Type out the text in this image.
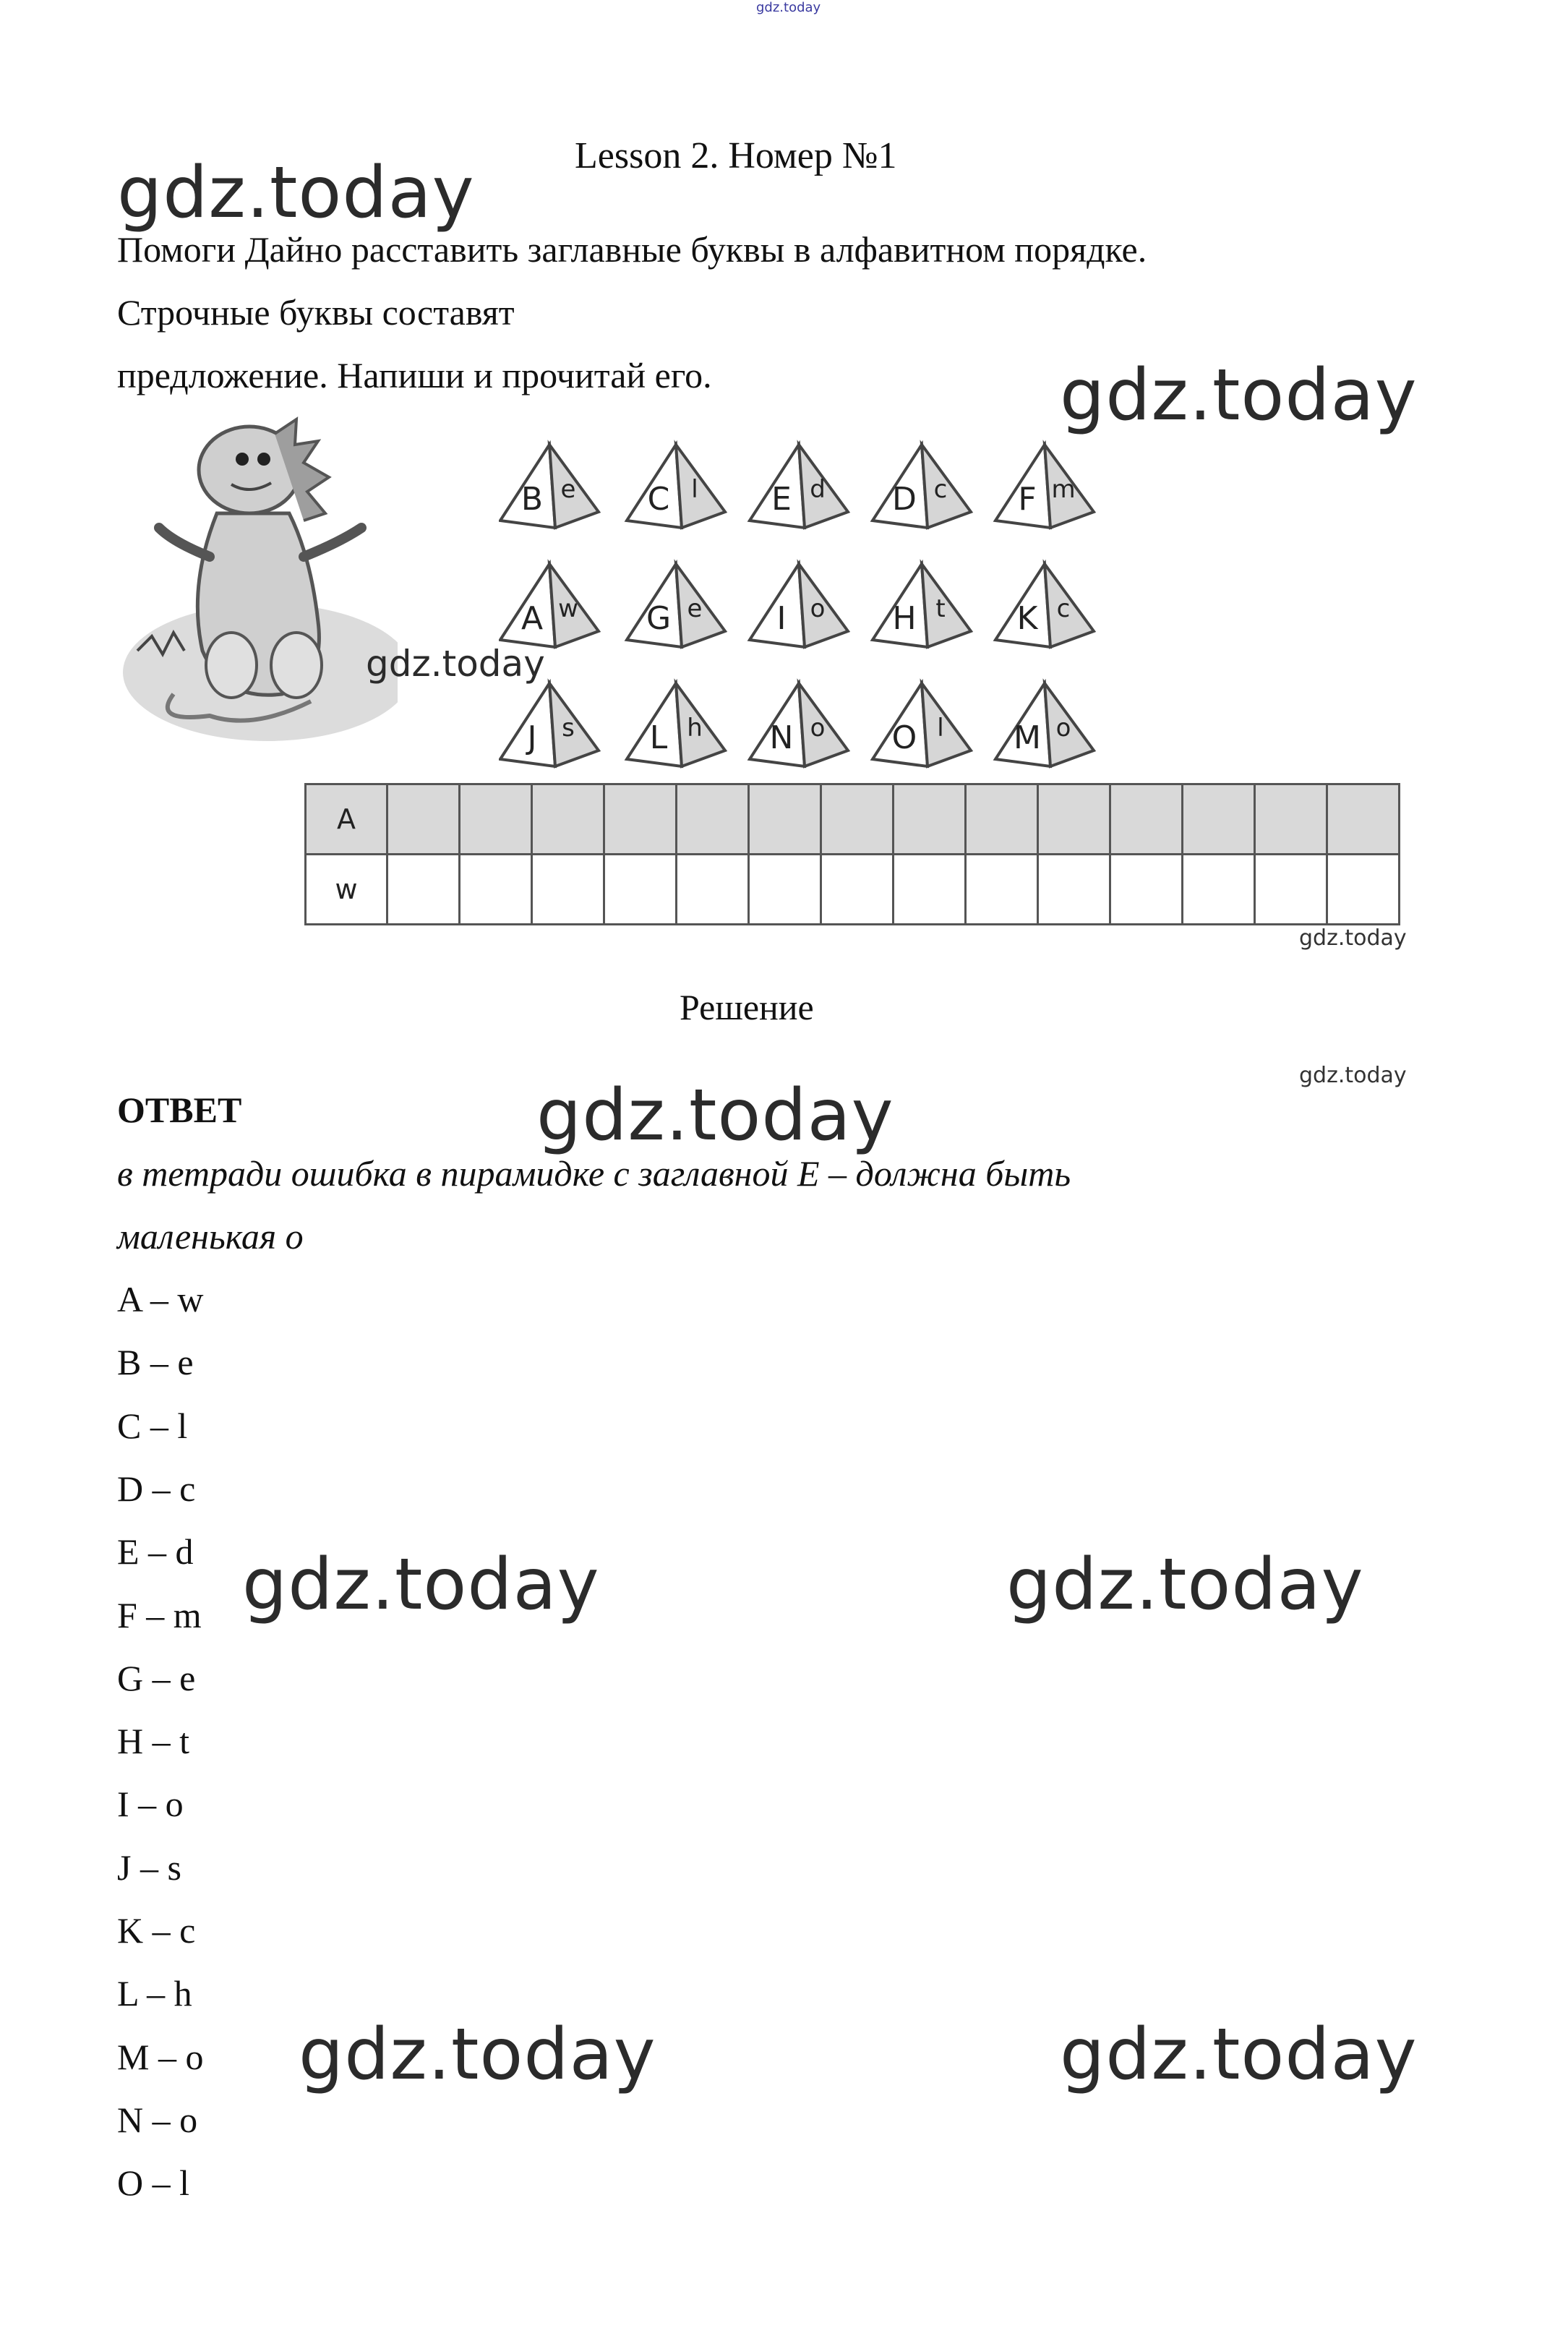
gdz.today
Lesson 2. Номер №1
gdz.today
Помоги Дайно расставить заглавные буквы в алфавитном порядке.
Строчные буквы составят
предложение. Напиши и прочитай его.	gdz.today
gdz.today
B e C l E d D c F m
A w G e I o H t K c
J s L h N o O l M o
A														
w														
gdz.today
Решение
gdz.today
ОТВЕТ	gdz.today
в тетради ошибка в пирамидке с заглавной Е – должна быть
маленькая о
A – w
B – e
C – l
D – c
E – d
F – m
G – e
H – t
I – o
J – s
K – c
L – h
M – o
N – o
O – l
gdz.today	gdz.today
gdz.today	gdz.today
